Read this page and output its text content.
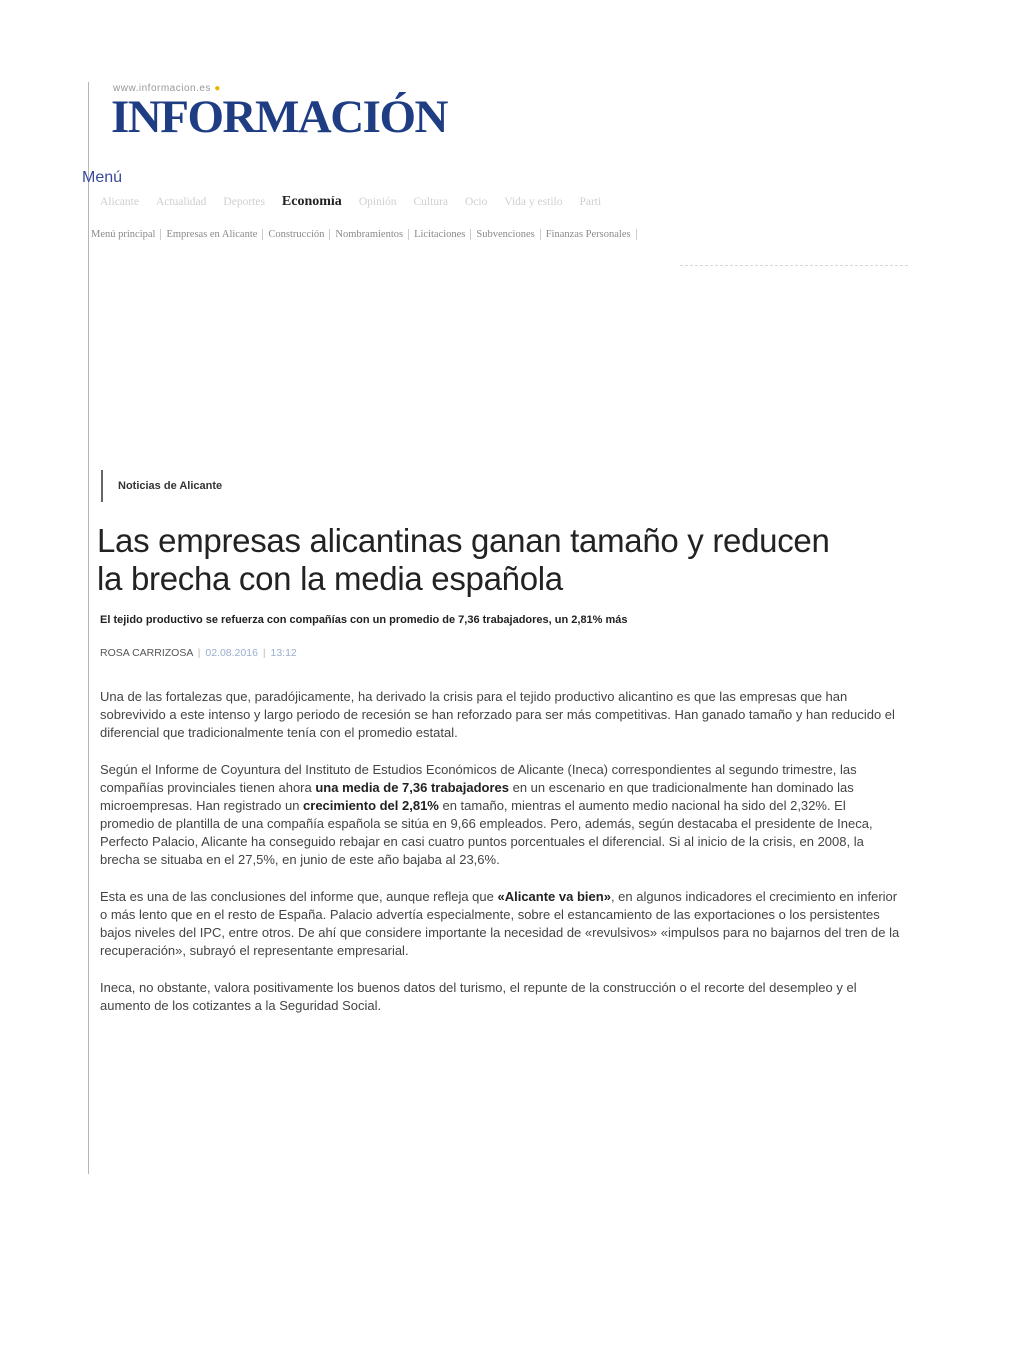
www.informacion.es ●
INFORMACIÓN
Menú
Alicante Actualidad Deportes Economía Opinión Cultura Ocio Vida y estilo Parti
Menú principal	Empresas en Alicante	Construcción	Nombramientos	Licitaciones	Subvenciones	Finanzas Personales
Noticias de Alicante
Las empresas alicantinas ganan tamaño y reducen la brecha con la media española
El tejido productivo se refuerza con compañías con un promedio de 7,36 trabajadores, un 2,81% más
ROSA CARRIZOSA | 02.08.2016 | 13:12

Una de las fortalezas que, paradójicamente, ha derivado la crisis para el tejido productivo alicantino es que las empresas que han sobrevivido a este intenso y largo periodo de recesión se han reforzado para ser más competitivas. Han ganado tamaño y han reducido el diferencial que tradicionalmente tenía con el promedio estatal.

Según el Informe de Coyuntura del Instituto de Estudios Económicos de Alicante (Ineca) correspondientes al segundo trimestre, las compañías provinciales tienen ahora una media de 7,36 trabajadores en un escenario en que tradicionalmente han dominado las microempresas. Han registrado un crecimiento del 2,81% en tamaño, mientras el aumento medio nacional ha sido del 2,32%. El promedio de plantilla de una compañía española se sitúa en 9,66 empleados. Pero, además, según destacaba el presidente de Ineca, Perfecto Palacio, Alicante ha conseguido rebajar en casi cuatro puntos porcentuales el diferencial. Si al inicio de la crisis, en 2008, la brecha se situaba en el 27,5%, en junio de este año bajaba al 23,6%.

Esta es una de las conclusiones del informe que, aunque refleja que «Alicante va bien», en algunos indicadores el crecimiento en inferior o más lento que en el resto de España. Palacio advertía especialmente, sobre el estancamiento de las exportaciones o los persistentes bajos niveles del IPC, entre otros. De ahí que considere importante la necesidad de «revulsivos» «impulsos para no bajarnos del tren de la recuperación», subrayó el representante empresarial.

Ineca, no obstante, valora positivamente los buenos datos del turismo, el repunte de la construcción o el recorte del desempleo y el aumento de los cotizantes a la Seguridad Social.
